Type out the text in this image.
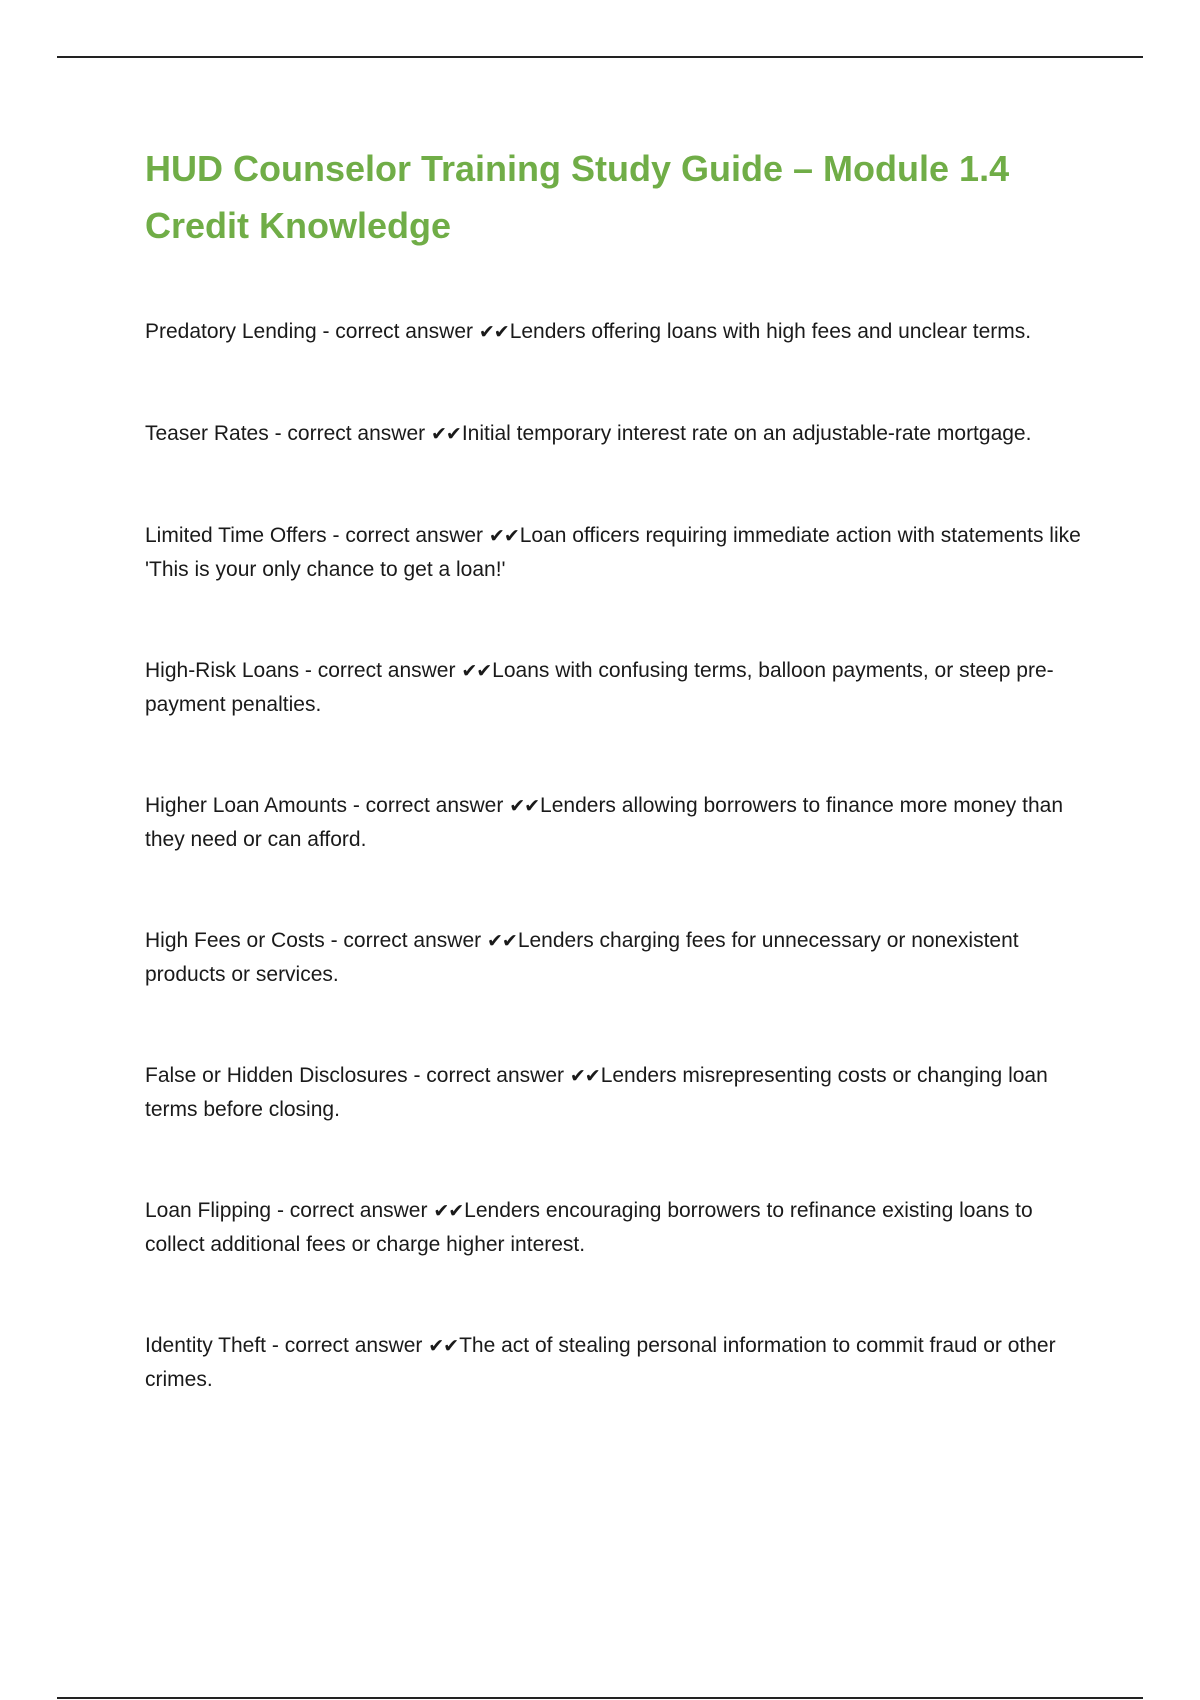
HUD Counselor Training Study Guide – Module 1.4 Credit Knowledge
Predatory Lending - correct answer ✔✔Lenders offering loans with high fees and unclear terms.
Teaser Rates - correct answer ✔✔Initial temporary interest rate on an adjustable-rate mortgage.
Limited Time Offers - correct answer ✔✔Loan officers requiring immediate action with statements like 'This is your only chance to get a loan!'
High-Risk Loans - correct answer ✔✔Loans with confusing terms, balloon payments, or steep pre-payment penalties.
Higher Loan Amounts - correct answer ✔✔Lenders allowing borrowers to finance more money than they need or can afford.
High Fees or Costs - correct answer ✔✔Lenders charging fees for unnecessary or nonexistent products or services.
False or Hidden Disclosures - correct answer ✔✔Lenders misrepresenting costs or changing loan terms before closing.
Loan Flipping - correct answer ✔✔Lenders encouraging borrowers to refinance existing loans to collect additional fees or charge higher interest.
Identity Theft - correct answer ✔✔The act of stealing personal information to commit fraud or other crimes.
